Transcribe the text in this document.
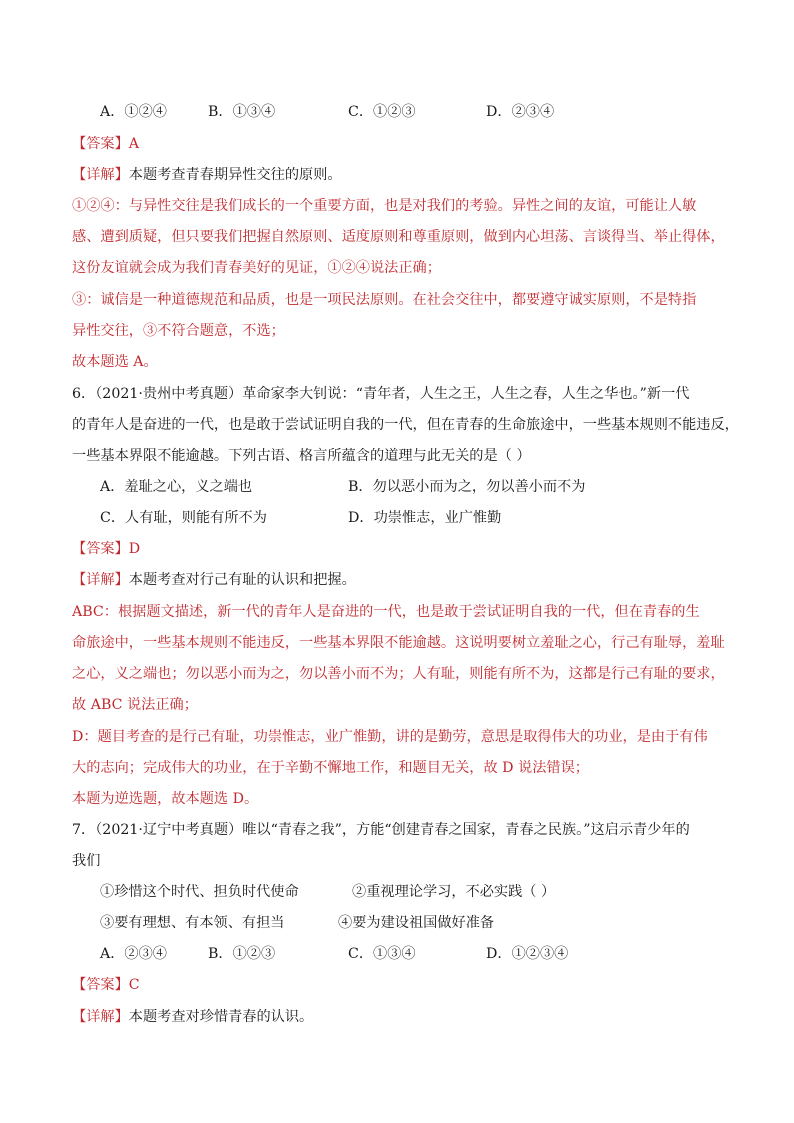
A．①②④	B．①③④	C．①②③	D．②③④
【答案】A
【详解】本题考查青春期异性交往的原则。
①②④：与异性交往是我们成长的一个重要方面，也是对我们的考验。异性之间的友谊，可能让人敏
感、遭到质疑，但只要我们把握自然原则、适度原则和尊重原则，做到内心坦荡、言谈得当、举止得体，
这份友谊就会成为我们青春美好的见证，①②④说法正确；
③：诚信是一种道德规范和品质，也是一项民法原则。在社会交往中，都要遵守诚实原则，不是特指
异性交往，③不符合题意，不选；
故本题选 A。
6．（2021·贵州中考真题）革命家李大钊说：“青年者，人生之王，人生之春，人生之华也。”新一代
的青年人是奋进的一代，也是敢于尝试证明自我的一代，但在青春的生命旅途中，一些基本规则不能违反，
一些基本界限不能逾越。下列古语、格言所蕴含的道理与此无关的是（ ）
A．羞耻之心，义之端也	B．勿以恶小而为之，勿以善小而不为
C．人有耻，则能有所不为	D．功崇惟志，业广惟勤
【答案】D
【详解】本题考查对行己有耻的认识和把握。
ABC：根据题文描述，新一代的青年人是奋进的一代，也是敢于尝试证明自我的一代，但在青春的生
命旅途中，一些基本规则不能违反，一些基本界限不能逾越。这说明要树立羞耻之心，行己有耻辱，羞耻
之心，义之端也；勿以恶小而为之，勿以善小而不为；人有耻，则能有所不为，这都是行己有耻的要求，
故 ABC 说法正确；
D：题目考查的是行己有耻，功崇惟志，业广惟勤，讲的是勤劳，意思是取得伟大的功业，是由于有伟
大的志向；完成伟大的功业，在于辛勤不懈地工作，和题目无关，故 D 说法错误；
本题为逆选题，故本题选 D。
7．（2021·辽宁中考真题）唯以“青春之我”，方能“创建青春之国家，青春之民族。”这启示青少年的
我们
①珍惜这个时代、担负时代使命	②重视理论学习，不必实践（ ）
③要有理想、有本领、有担当	④要为建设祖国做好准备
A．②③④	B．①②③	C．①③④	D．①②③④
【答案】C
【详解】本题考查对珍惜青春的认识。
